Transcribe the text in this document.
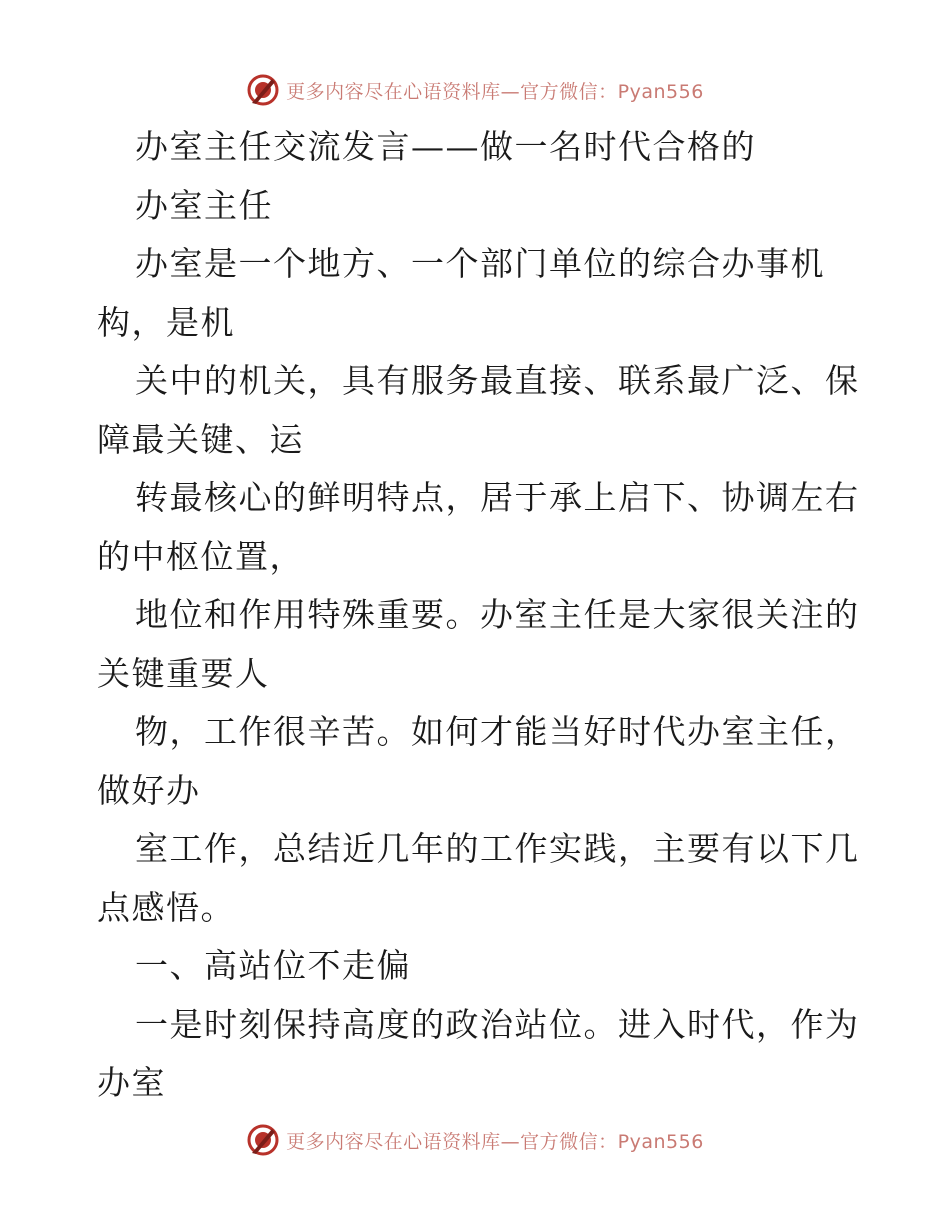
更多内容尽在心语资料库—官方微信：Pyan556
办室主任交流发言——做一名时代合格的
办室主任
办室是一个地方、一个部门单位的综合办事机
构，是机
关中的机关，具有服务最直接、联系最广泛、保
障最关键、运
转最核心的鲜明特点，居于承上启下、协调左右
的中枢位置，
地位和作用特殊重要。办室主任是大家很关注的
关键重要人
物，工作很辛苦。如何才能当好时代办室主任，
做好办
室工作，总结近几年的工作实践，主要有以下几
点感悟。
一、高站位不走偏
一是时刻保持高度的政治站位。进入时代，作为
办室
更多内容尽在心语资料库—官方微信：Pyan556
